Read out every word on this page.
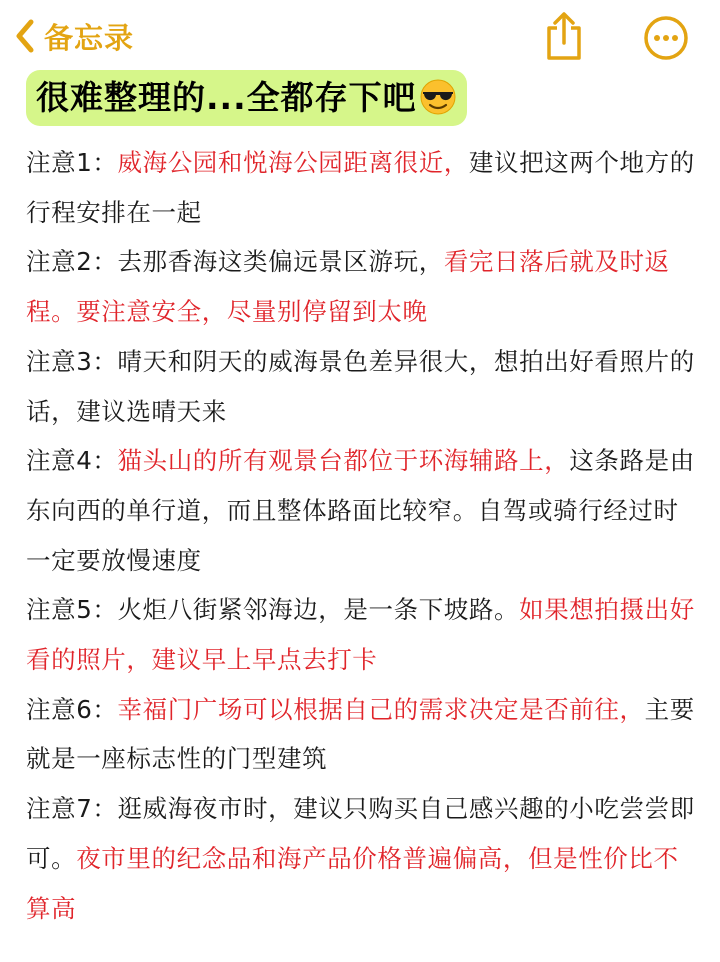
备忘录
很难整理的...全都存下吧

注意1：威海公园和悦海公园距离很近，建议把这两个地方的行程安排在一起

注意2：去那香海这类偏远景区游玩，看完日落后就及时返程。要注意安全，尽量别停留到太晚

注意3：晴天和阴天的威海景色差异很大，想拍出好看照片的话，建议选晴天来

注意4：猫头山的所有观景台都位于环海辅路上，这条路是由东向西的单行道，而且整体路面比较窄。自驾或骑行经过时一定要放慢速度

注意5：火炬八街紧邻海边，是一条下坡路。如果想拍摄出好看的照片，建议早上早点去打卡

注意6：幸福门广场可以根据自己的需求决定是否前往，主要就是一座标志性的门型建筑

注意7：逛威海夜市时，建议只购买自己感兴趣的小吃尝尝即可。夜市里的纪念品和海产品价格普遍偏高，但是性价比不算高
